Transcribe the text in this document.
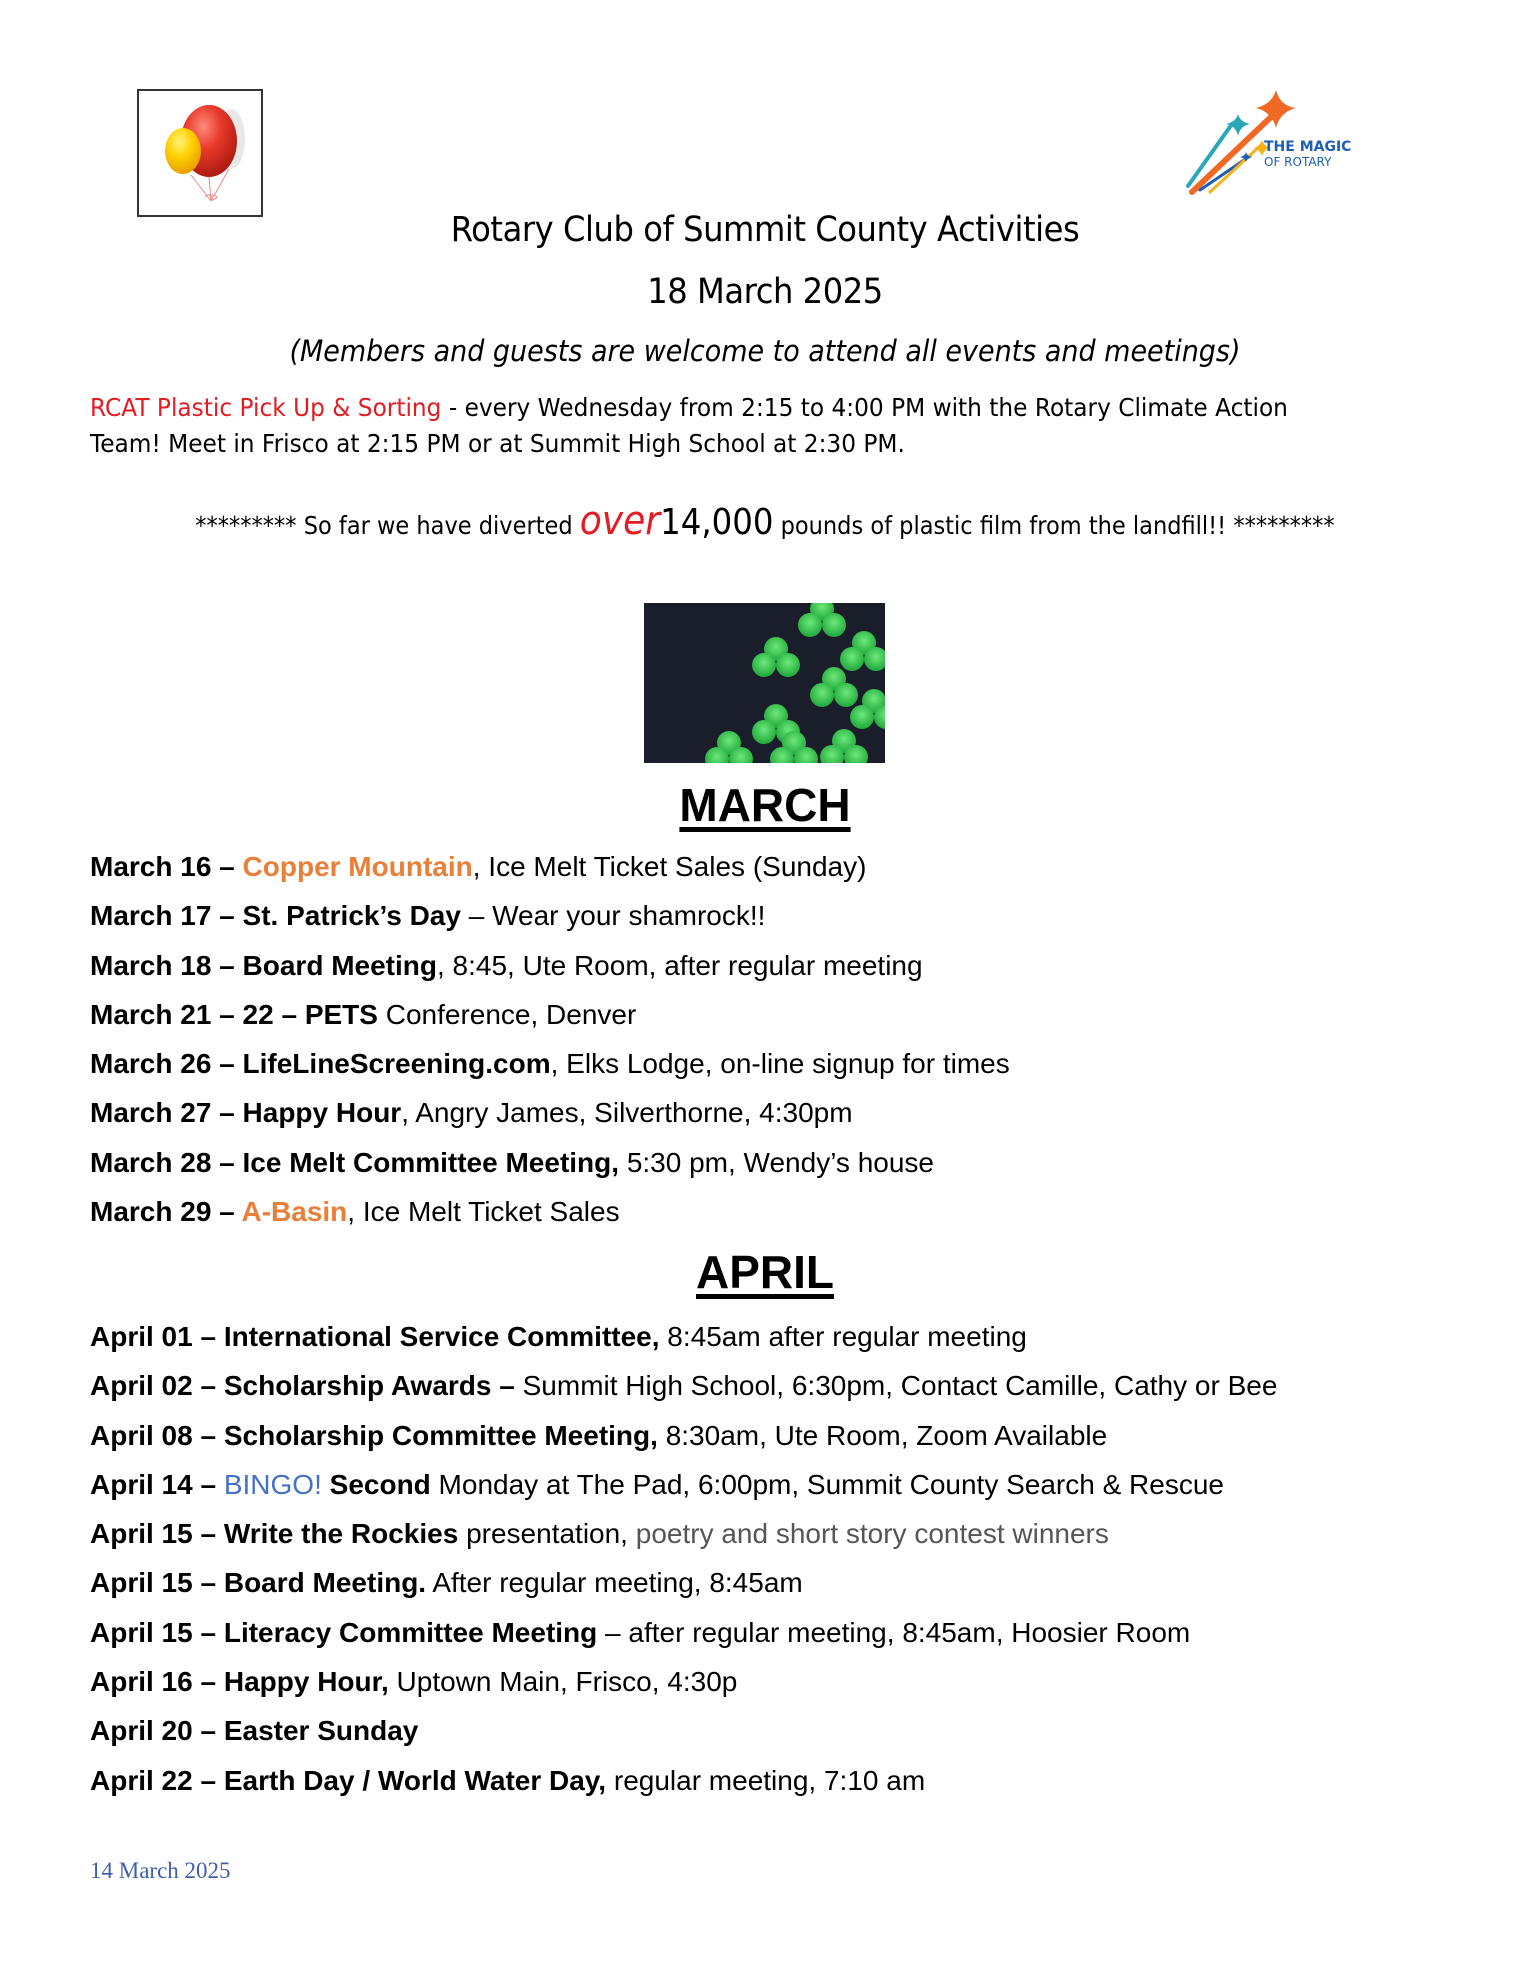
THE MAGIC
OF ROTARY
Rotary Club of Summit County Activities
18 March 2025
(Members and guests are welcome to attend all events and meetings)
RCAT Plastic Pick Up & Sorting - every Wednesday from 2:15 to 4:00 PM with the Rotary Climate Action
Team! Meet in Frisco at 2:15 PM or at Summit High School at 2:30 PM.
********* So far we have diverted over14,000 pounds of plastic film from the landfill!! *********
MARCH
March 16 – Copper Mountain, Ice Melt Ticket Sales (Sunday)
March 17 – St. Patrick’s Day – Wear your shamrock!!
March 18 – Board Meeting, 8:45, Ute Room, after regular meeting
March 21 – 22 – PETS Conference, Denver
March 26 – LifeLineScreening.com, Elks Lodge, on-line signup for times
March 27 – Happy Hour, Angry James, Silverthorne, 4:30pm
March 28 – Ice Melt Committee Meeting, 5:30 pm, Wendy’s house
March 29 – A-Basin, Ice Melt Ticket Sales
APRIL
April 01 – International Service Committee, 8:45am after regular meeting
April 02 – Scholarship Awards – Summit High School, 6:30pm, Contact Camille, Cathy or Bee
April 08 – Scholarship Committee Meeting, 8:30am, Ute Room, Zoom Available
April 14 – BINGO! Second Monday at The Pad, 6:00pm, Summit County Search & Rescue
April 15 – Write the Rockies presentation, poetry and short story contest winners
April 15 – Board Meeting. After regular meeting, 8:45am
April 15 – Literacy Committee Meeting – after regular meeting, 8:45am, Hoosier Room
April 16 – Happy Hour, Uptown Main, Frisco, 4:30p
April 20 – Easter Sunday
April 22 – Earth Day / World Water Day, regular meeting, 7:10 am
14 March 2025
